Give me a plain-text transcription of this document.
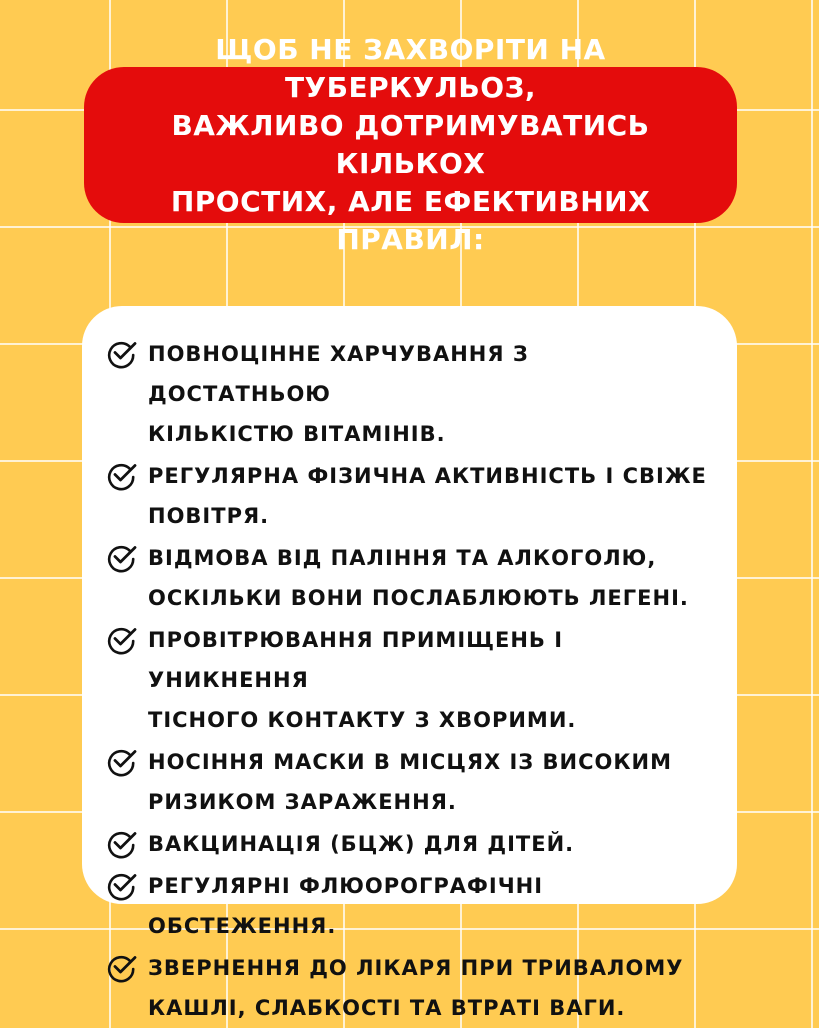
ЩОБ НЕ ЗАХВОРІТИ НА ТУБЕРКУЛЬОЗ,
ВАЖЛИВО ДОТРИМУВАТИСЬ КІЛЬКОХ
ПРОСТИХ, АЛЕ ЕФЕКТИВНИХ ПРАВИЛ:
ПОВНОЦІННЕ ХАРЧУВАННЯ З ДОСТАТНЬОЮ
КІЛЬКІСТЮ ВІТАМІНІВ.
РЕГУЛЯРНА ФІЗИЧНА АКТИВНІСТЬ І СВІЖЕ
ПОВІТРЯ.
ВІДМОВА ВІД ПАЛІННЯ ТА АЛКОГОЛЮ,
ОСКІЛЬКИ ВОНИ ПОСЛАБЛЮЮТЬ ЛЕГЕНІ.
ПРОВІТРЮВАННЯ ПРИМІЩЕНЬ І УНИКНЕННЯ
ТІСНОГО КОНТАКТУ З ХВОРИМИ.
НОСІННЯ МАСКИ В МІСЦЯХ ІЗ ВИСОКИМ
РИЗИКОМ ЗАРАЖЕННЯ.
ВАКЦИНАЦІЯ (БЦЖ) ДЛЯ ДІТЕЙ.
РЕГУЛЯРНІ ФЛЮОРОГРАФІЧНІ ОБСТЕЖЕННЯ.
ЗВЕРНЕННЯ ДО ЛІКАРЯ ПРИ ТРИВАЛОМУ
КАШЛІ, СЛАБКОСТІ ТА ВТРАТІ ВАГИ.
